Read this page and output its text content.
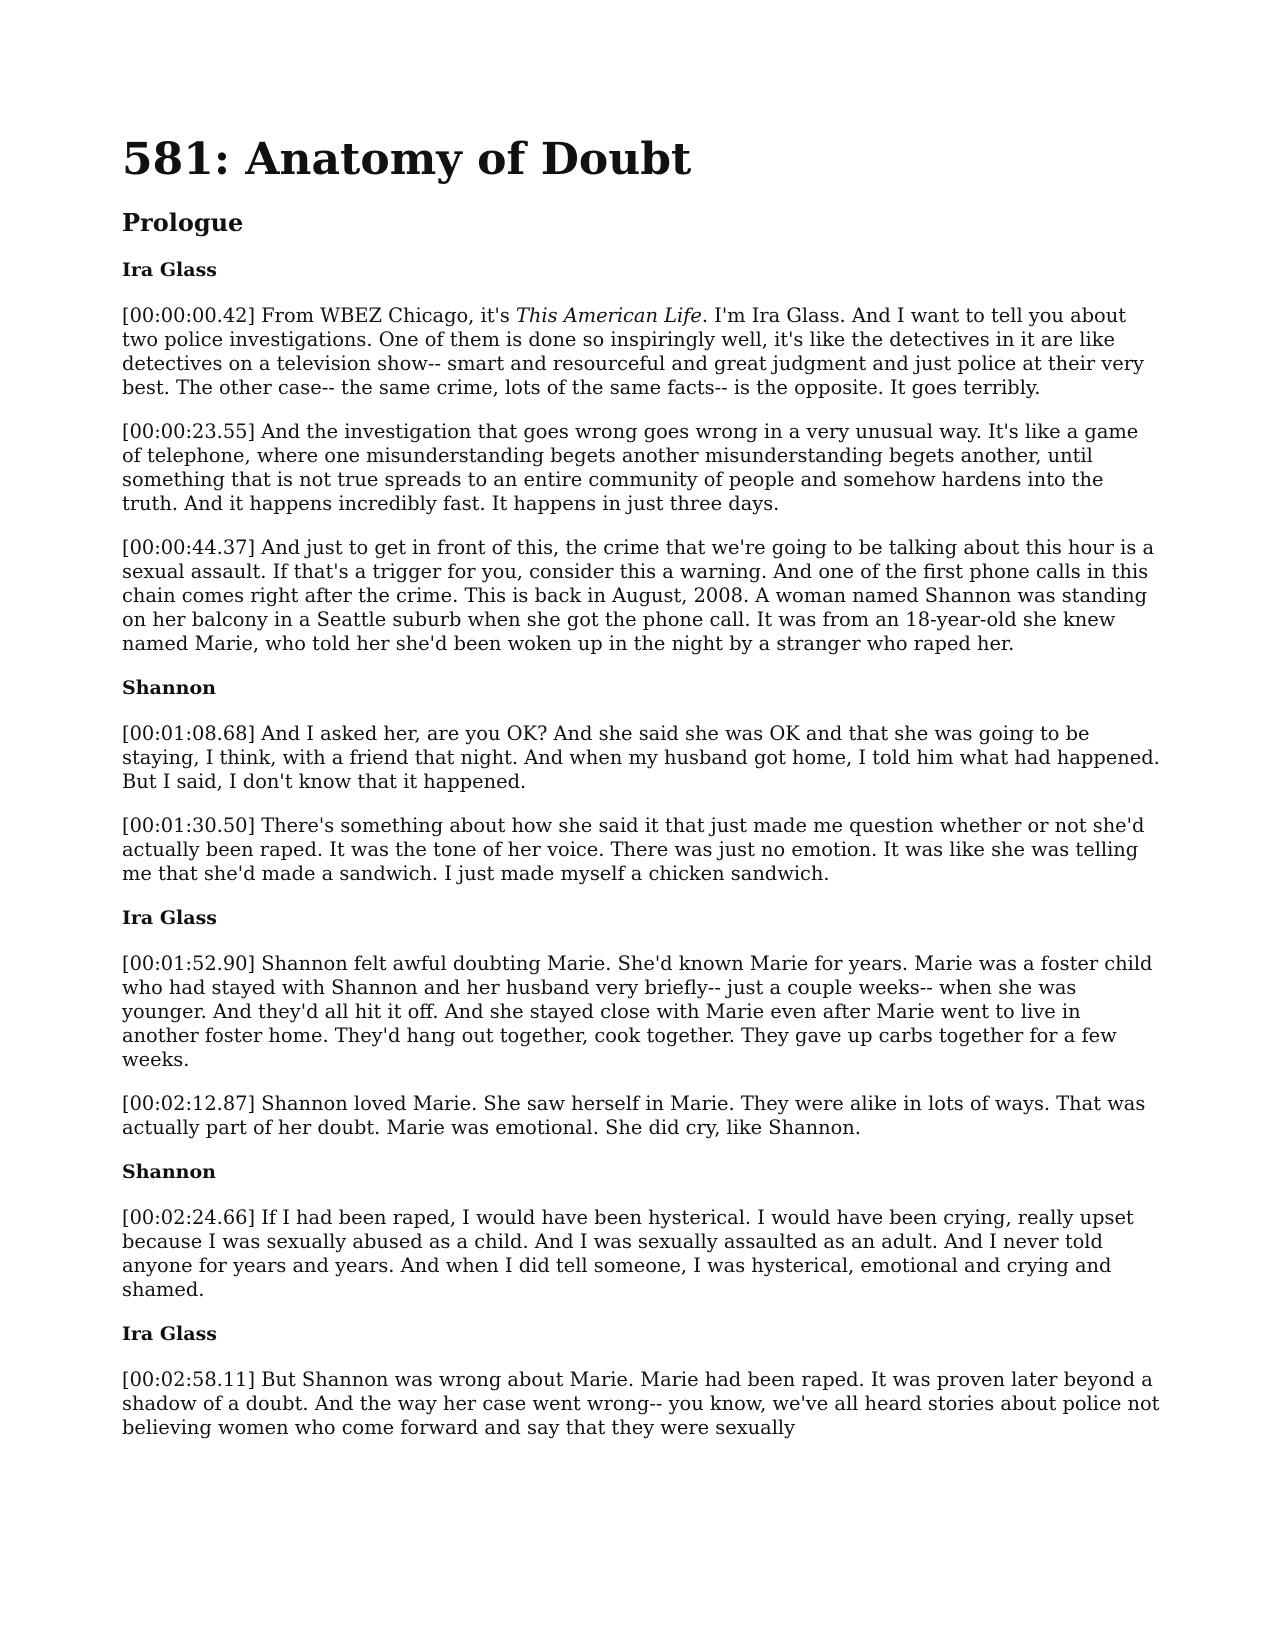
581: Anatomy of Doubt
Prologue
Ira Glass

[00:00:00.42] From WBEZ Chicago, it's This American Life. I'm Ira Glass. And I want to tell you about two police investigations. One of them is done so inspiringly well, it's like the detectives in it are like detectives on a television show-- smart and resourceful and great judgment and just police at their very best. The other case-- the same crime, lots of the same facts-- is the opposite. It goes terribly.

[00:00:23.55] And the investigation that goes wrong goes wrong in a very unusual way. It's like a game of telephone, where one misunderstanding begets another misunderstanding begets another, until something that is not true spreads to an entire community of people and somehow hardens into the truth. And it happens incredibly fast. It happens in just three days.

[00:00:44.37] And just to get in front of this, the crime that we're going to be talking about this hour is a sexual assault. If that's a trigger for you, consider this a warning. And one of the first phone calls in this chain comes right after the crime. This is back in August, 2008. A woman named Shannon was standing on her balcony in a Seattle suburb when she got the phone call. It was from an 18-year-old she knew named Marie, who told her she'd been woken up in the night by a stranger who raped her.

Shannon

[00:01:08.68] And I asked her, are you OK? And she said she was OK and that she was going to be staying, I think, with a friend that night. And when my husband got home, I told him what had happened. But I said, I don't know that it happened.

[00:01:30.50] There's something about how she said it that just made me question whether or not she'd actually been raped. It was the tone of her voice. There was just no emotion. It was like she was telling me that she'd made a sandwich. I just made myself a chicken sandwich.

Ira Glass

[00:01:52.90] Shannon felt awful doubting Marie. She'd known Marie for years. Marie was a foster child who had stayed with Shannon and her husband very briefly-- just a couple weeks-- when she was younger. And they'd all hit it off. And she stayed close with Marie even after Marie went to live in another foster home. They'd hang out together, cook together. They gave up carbs together for a few weeks.

[00:02:12.87] Shannon loved Marie. She saw herself in Marie. They were alike in lots of ways. That was actually part of her doubt. Marie was emotional. She did cry, like Shannon.

Shannon

[00:02:24.66] If I had been raped, I would have been hysterical. I would have been crying, really upset because I was sexually abused as a child. And I was sexually assaulted as an adult. And I never told anyone for years and years. And when I did tell someone, I was hysterical, emotional and crying and shamed.

Ira Glass

[00:02:58.11] But Shannon was wrong about Marie. Marie had been raped. It was proven later beyond a shadow of a doubt. And the way her case went wrong-- you know, we've all heard stories about police not believing women who come forward and say that they were sexually
